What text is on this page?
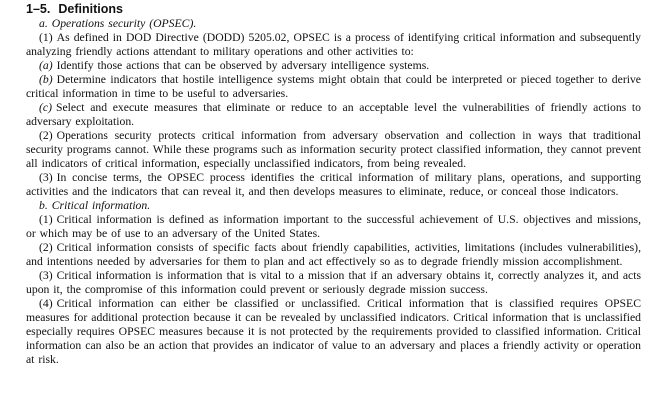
1–5. Definitions

a. Operations security (OPSEC).

(1) As defined in DOD Directive (DODD) 5205.02, OPSEC is a process of identifying critical information and subsequently analyzing friendly actions attendant to military operations and other activities to:

(a) Identify those actions that can be observed by adversary intelligence systems.

(b) Determine indicators that hostile intelligence systems might obtain that could be interpreted or pieced together to derive critical information in time to be useful to adversaries.

(c) Select and execute measures that eliminate or reduce to an acceptable level the vulnerabilities of friendly actions to adversary exploitation.

(2) Operations security protects critical information from adversary observation and collection in ways that traditional security programs cannot. While these programs such as information security protect classified information, they cannot prevent all indicators of critical information, especially unclassified indicators, from being revealed.

(3) In concise terms, the OPSEC process identifies the critical information of military plans, operations, and supporting activities and the indicators that can reveal it, and then develops measures to eliminate, reduce, or conceal those indicators.

b. Critical information.

(1) Critical information is defined as information important to the successful achievement of U.S. objectives and missions, or which may be of use to an adversary of the United States.

(2) Critical information consists of specific facts about friendly capabilities, activities, limitations (includes vulnerabilities), and intentions needed by adversaries for them to plan and act effectively so as to degrade friendly mission accomplishment.

(3) Critical information is information that is vital to a mission that if an adversary obtains it, correctly analyzes it, and acts upon it, the compromise of this information could prevent or seriously degrade mission success.

(4) Critical information can either be classified or unclassified. Critical information that is classified requires OPSEC measures for additional protection because it can be revealed by unclassified indicators. Critical information that is unclassified especially requires OPSEC measures because it is not protected by the requirements provided to classified information. Critical information can also be an action that provides an indicator of value to an adversary and places a friendly activity or operation at risk.
